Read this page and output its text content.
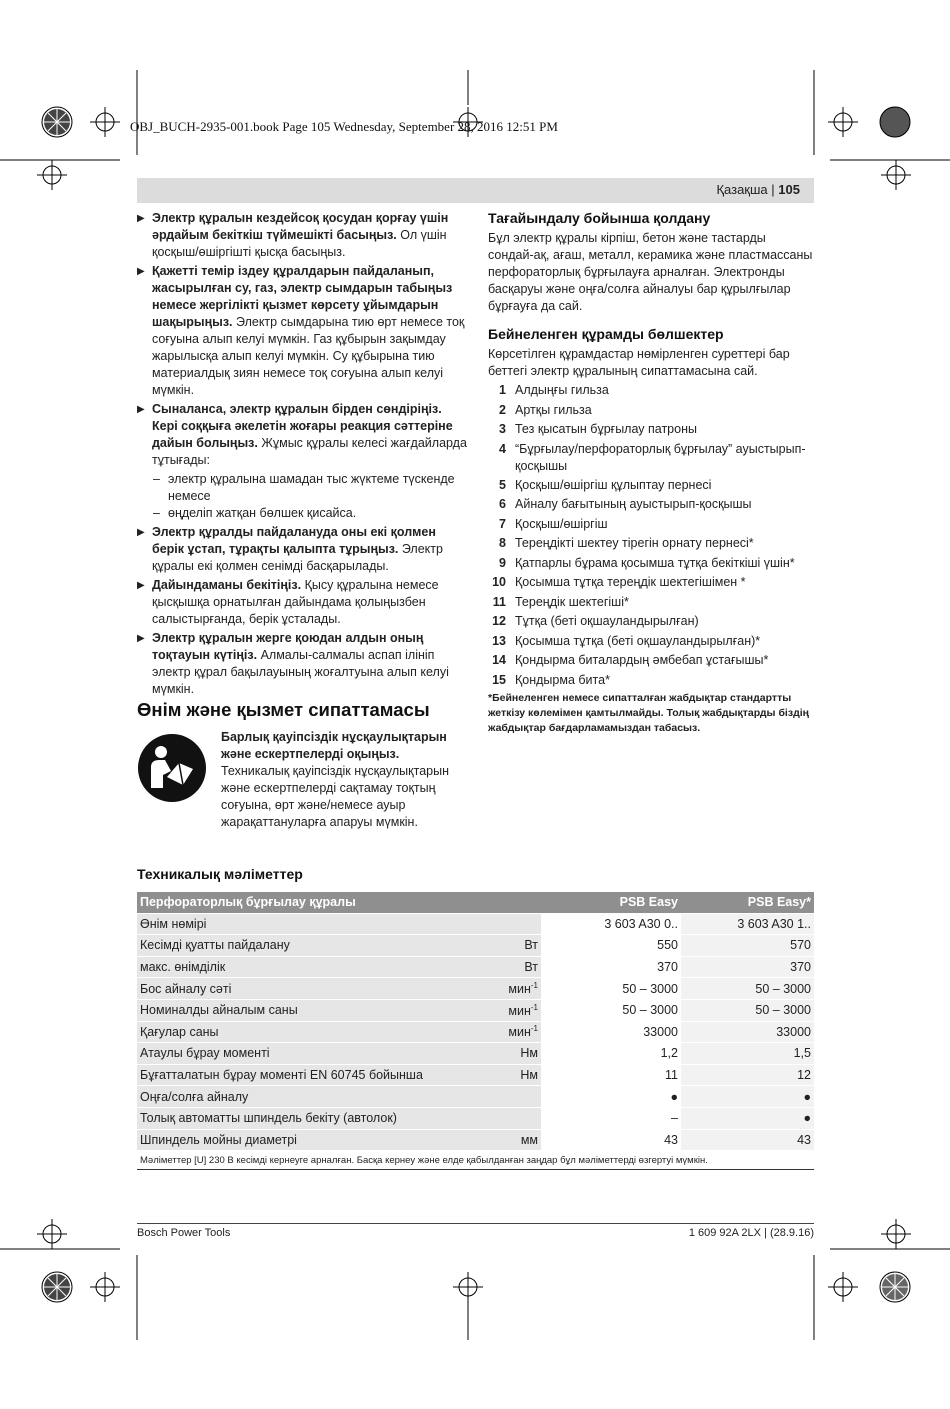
OBJ_BUCH-2935-001.book Page 105 Wednesday, September 28, 2016 12:51 PM
Қазақша | 105
▶ Электр құралын кездейсоқ қосудан қорғау үшін әрдайым бекіткіш түймешікті басыңыз. Ол үшін қосқыш/өшіргішті қысқа басыңыз.
▶ Қажетті темір іздеу құралдарын пайдаланып, жасырылған су, газ, электр сымдарын табыңыз немесе жергілікті қызмет көрсету ұйымдарын шақырыңыз. Электр сымдарына тию өрт немесе тоқ соғуына алып келуі мүмкін. Газ құбырын зақымдау жарылысқа алып келуі мүмкін. Су құбырына тию материалдық зиян немесе тоқ соғуына алып келуі мүмкін.
▶ Сыналанса, электр құралын бірден сөндіріңіз. Кері соққыға әкелетін жоғары реакция сәттеріне дайын болыңыз. Жұмыс құралы келесі жағдайларда тұтығады:
– электр құралына шамадан тыс жүктеме түскенде немесе
– өңделіп жатқан бөлшек қисайса.
▶ Электр құралды пайдалануда оны екі қолмен берік ұстап, тұрақты қалыпта тұрыңыз. Электр құралы екі қолмен сенімді басқарылады.
▶ Дайындаманы бекітіңіз. Қысу құралына немесе қысқышқа орнатылған дайындама қолыңызбен салыстырғанда, берік ұсталады.
▶ Электр құралын жерге қоюдан алдын оның тоқтауын күтіңіз. Алмалы-салмалы аспап ілініп электр құрал бақылауының жоғалтуына алып келуі мүмкін.
Өнім және қызмет сипаттамасы
Барлық қауіпсіздік нұсқаулықтарын және ескертпелерді оқыңыз. Техникалық қауіпсіздік нұсқаулықтарын және ескертпелерді сақтамау тоқтың соғуына, өрт және/немесе ауыр жарақаттануларға апаруы мүмкін.
Тағайындалу бойынша қолдану
Бұл электр құралы кірпіш, бетон және тастарды сондай-ақ, ағаш, металл, керамика және пластмассаны перфораторлық бұрғылауға арналған. Электронды басқаруы және оңға/солға айналуы бар құрылғылар бұрғауға да сай.
Бейнеленген құрамды бөлшектер
Көрсетілген құрамдастар нөмірленген суреттері бар беттегі электр құралының сипаттамасына сай.
1 Алдыңғы гильза
2 Артқы гильза
3 Тез қысатын бұрғылау патроны
4 “Бұрғылау/перфораторлық бұрғылау” ауыстырып-қосқышы
5 Қосқыш/өшіргіш құлыптау пернесі
6 Айналу бағытының ауыстырып-қосқышы
7 Қосқыш/өшіргіш
8 Тереңдікті шектеу тірегін орнату пернесі*
9 Қатпарлы бұрама қосымша тұтқа бекіткіші үшін*
10 Қосымша тұтқа тереңдік шектегішімен *
11 Тереңдік шектегіші*
12 Тұтқа (беті оқшауландырылған)
13 Қосымша тұтқа (беті оқшауландырылған)*
14 Қондырма биталардың әмбебап ұстағышы*
15 Қондырма бита*
*Бейнеленген немесе сипатталған жабдықтар стандартты жеткізу көлемімен қамтылмайды. Толық жабдықтарды біздің жабдықтар бағдарламамыздан табасыз.
Техникалық мәліметтер
Перфораторлық бұрғылау құралы		PSB Easy	PSB Easy*
Өнім нөмірі		3 603 A30 0..	3 603 A30 1..
Кесімді қуатты пайдалану	Вт	550	570
макс. өнімділік	Вт	370	370
Бос айналу сәті	мин$^{-1}$	50 – 3000	50 – 3000
Номиналды айналым саны	мин$^{-1}$	50 – 3000	50 – 3000
Қағулар саны	мин$^{-1}$	33000	33000
Атаулы бұрау моменті	Нм	1,2	1,5
Бұғатталатын бұрау моменті EN 60745 бойынша	Нм	11	12
Оңға/солға айналу		●	●
Толық автоматты шпиндель бекіту (автолок)		–	●
Шпиндель мойны диаметрі	мм	43	43
Мәліметтер [U] 230 В кесімді кернеуге арналған. Басқа кернеу және елде қабылданған заңдар бұл мәліметтерді өзгертуі мүмкін.			
Bosch Power Tools	1 609 92A 2LX | (28.9.16)
